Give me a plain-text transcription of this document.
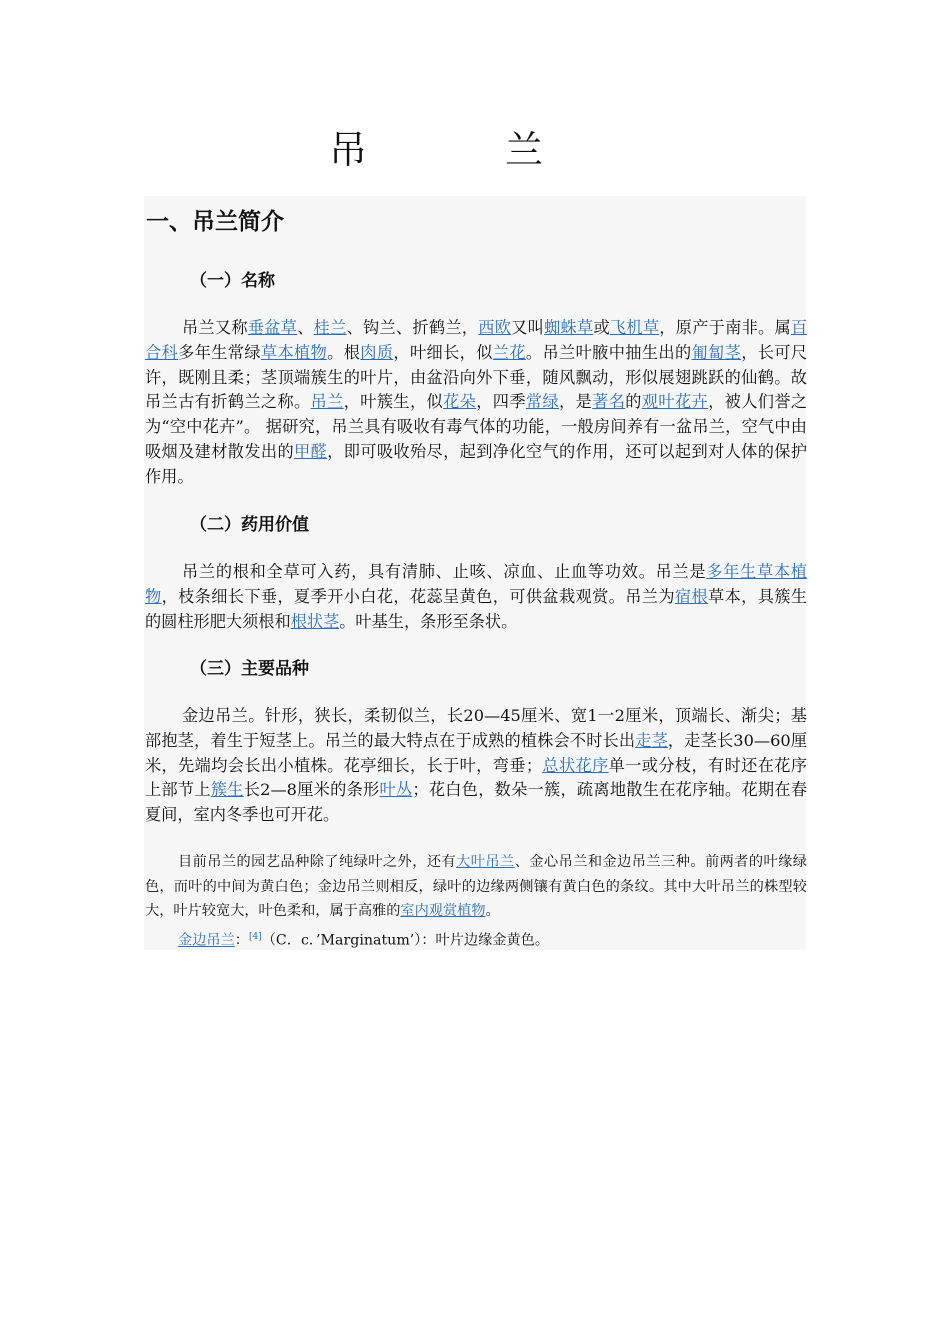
吊　兰
一、吊兰简介
（一）名称

吊兰又称垂盆草、桂兰、钩兰、折鹤兰，西欧又叫蜘蛛草或飞机草，原产于南非。属百合科多年生常绿草本植物。根肉质，叶细长，似兰花。吊兰叶腋中抽生出的匍匐茎，长可尺许，既刚且柔；茎顶端簇生的叶片，由盆沿向外下垂，随风飘动，形似展翅跳跃的仙鹤。故吊兰古有折鹤兰之称。吊兰，叶簇生，似花朵，四季常绿，是著名的观叶花卉，被人们誉之为“空中花卉”。 据研究，吊兰具有吸收有毒气体的功能，一般房间养有一盆吊兰，空气中由吸烟及建材散发出的甲醛，即可吸收殆尽，起到净化空气的作用，还可以起到对人体的保护作用。

（二）药用价值

吊兰的根和全草可入药，具有清肺、止咳、凉血、止血等功效。吊兰是多年生草本植物，枝条细长下垂，夏季开小白花，花蕊呈黄色，可供盆栽观赏。吊兰为宿根草本，具簇生的圆柱形肥大须根和根状茎。叶基生，条形至条状。

（三）主要品种

金边吊兰。针形，狭长，柔韧似兰，长20—45厘米、宽1一2厘米，顶端长、渐尖；基部抱茎，着生于短茎上。吊兰的最大特点在于成熟的植株会不时长出走茎，走茎长30—60厘米，先端均会长出小植株。花亭细长，长于叶，弯垂；总状花序单一或分枝，有时还在花序上部节上簇生长2—8厘米的条形叶丛；花白色，数朵一簇，疏离地散生在花序轴。花期在春夏间，室内冬季也可开花。

目前吊兰的园艺品种除了纯绿叶之外，还有大叶吊兰、金心吊兰和金边吊兰三种。前两者的叶缘绿色，而叶的中间为黄白色；金边吊兰则相反，绿叶的边缘两侧镶有黄白色的条纹。其中大叶吊兰的株型较大，叶片较宽大，叶色柔和，属于高雅的室内观赏植物。

金边吊兰：[4]（C．c．’Marginatum’）：叶片边缘金黄色。
